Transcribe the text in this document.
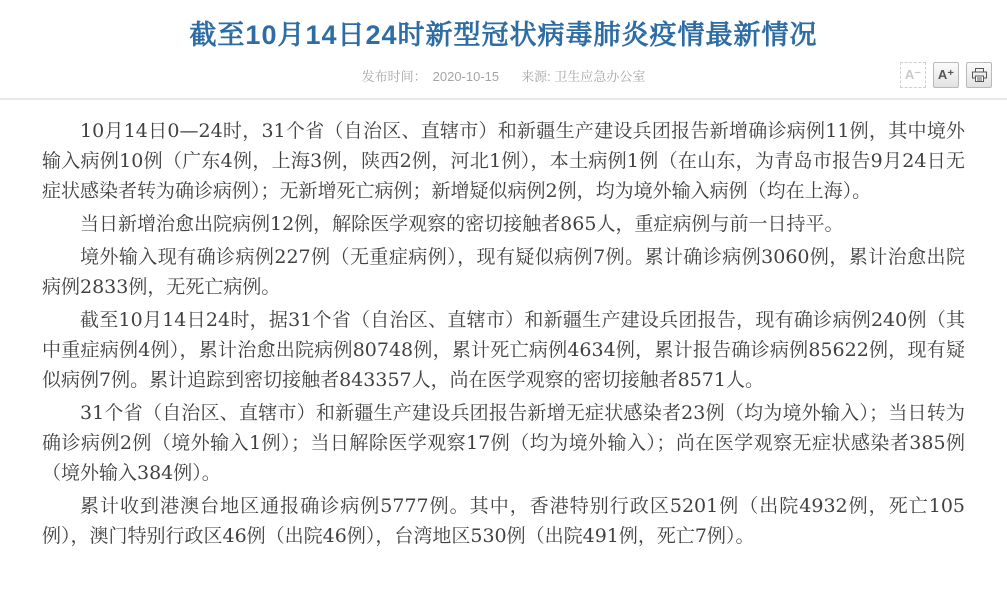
截至10月14日24时新型冠状病毒肺炎疫情最新情况
发布时间： 2020-10-15 来源: 卫生应急办公室	A⁻	A⁺

10月14日0—24时，31个省（自治区、直辖市）和新疆生产建设兵团报告新增确诊病例11例，其中境外输入病例10例（广东4例，上海3例，陕西2例，河北1例），本土病例1例（在山东，为青岛市报告9月24日无症状感染者转为确诊病例）；无新增死亡病例；新增疑似病例2例，均为境外输入病例（均在上海）。

当日新增治愈出院病例12例，解除医学观察的密切接触者865人，重症病例与前一日持平。

境外输入现有确诊病例227例（无重症病例），现有疑似病例7例。累计确诊病例3060例，累计治愈出院病例2833例，无死亡病例。

截至10月14日24时，据31个省（自治区、直辖市）和新疆生产建设兵团报告，现有确诊病例240例（其中重症病例4例），累计治愈出院病例80748例，累计死亡病例4634例，累计报告确诊病例85622例，现有疑似病例7例。累计追踪到密切接触者843357人，尚在医学观察的密切接触者8571人。

31个省（自治区、直辖市）和新疆生产建设兵团报告新增无症状感染者23例（均为境外输入）；当日转为确诊病例2例（境外输入1例）；当日解除医学观察17例（均为境外输入）；尚在医学观察无症状感染者385例（境外输入384例）。

累计收到港澳台地区通报确诊病例5777例。其中，香港特别行政区5201例（出院4932例，死亡105例），澳门特别行政区46例（出院46例），台湾地区530例（出院491例，死亡7例）。
